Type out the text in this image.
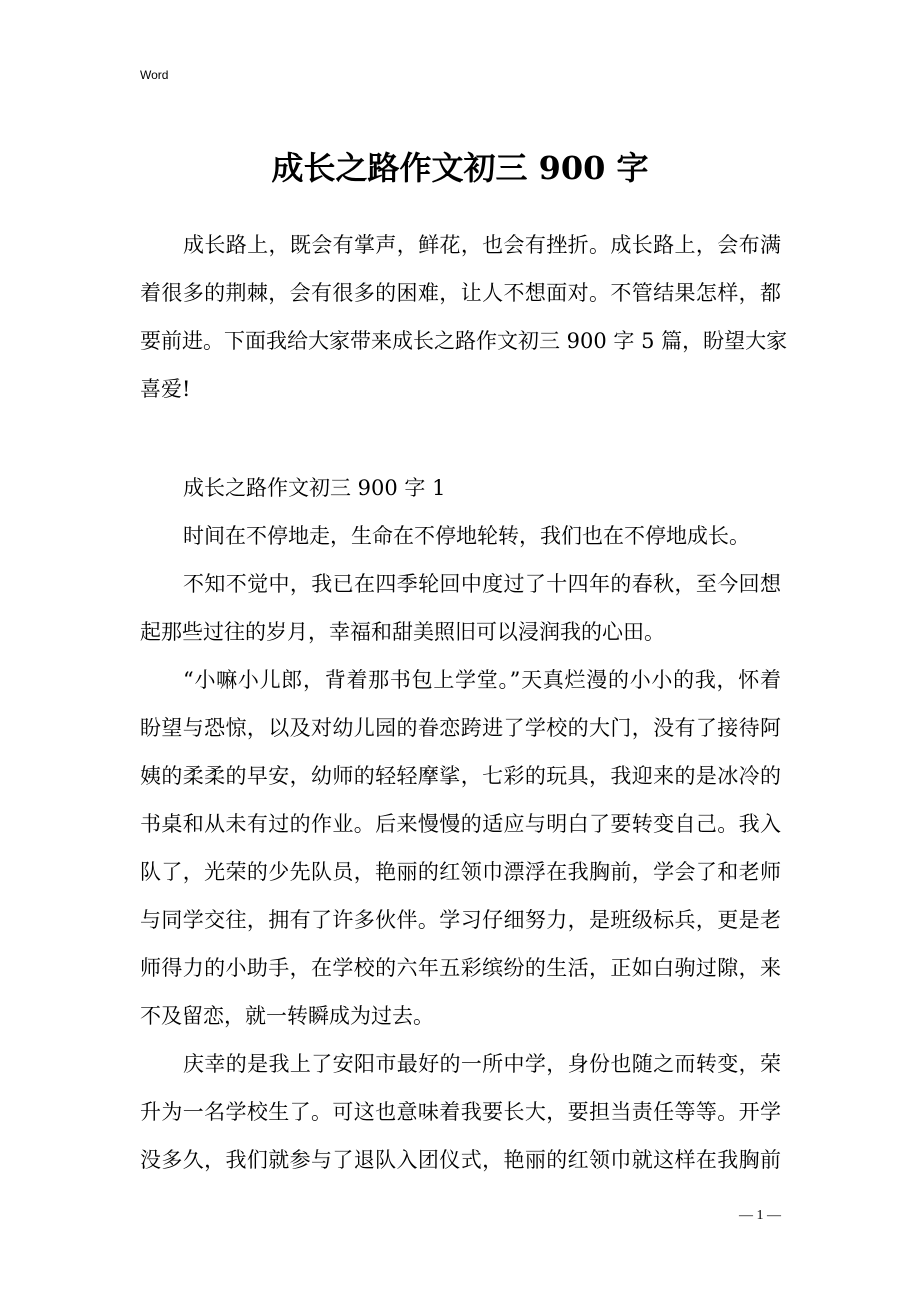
Word
成长之路作文初三 900 字
成长路上，既会有掌声，鲜花，也会有挫折。成长路上，会布满
着很多的荆棘，会有很多的困难，让人不想面对。不管结果怎样，都
要前进。下面我给大家带来成长之路作文初三 900 字 5 篇，盼望大家
喜爱!
成长之路作文初三 900 字 1
时间在不停地走，生命在不停地轮转，我们也在不停地成长。
不知不觉中，我已在四季轮回中度过了十四年的春秋，至今回想
起那些过往的岁月，幸福和甜美照旧可以浸润我的心田。
“小嘛小儿郎，背着那书包上学堂。”天真烂漫的小小的我，怀着
盼望与恐惊，以及对幼儿园的眷恋跨进了学校的大门，没有了接待阿
姨的柔柔的早安，幼师的轻轻摩挲，七彩的玩具，我迎来的是冰冷的
书桌和从未有过的作业。后来慢慢的适应与明白了要转变自己。我入
队了，光荣的少先队员，艳丽的红领巾漂浮在我胸前，学会了和老师
与同学交往，拥有了许多伙伴。学习仔细努力，是班级标兵，更是老
师得力的小助手，在学校的六年五彩缤纷的生活，正如白驹过隙，来
不及留恋，就一转瞬成为过去。
庆幸的是我上了安阳市最好的一所中学，身份也随之而转变，荣
升为一名学校生了。可这也意味着我要长大，要担当责任等等。开学
没多久，我们就参与了退队入团仪式，艳丽的红领巾就这样在我胸前
— 1 —
